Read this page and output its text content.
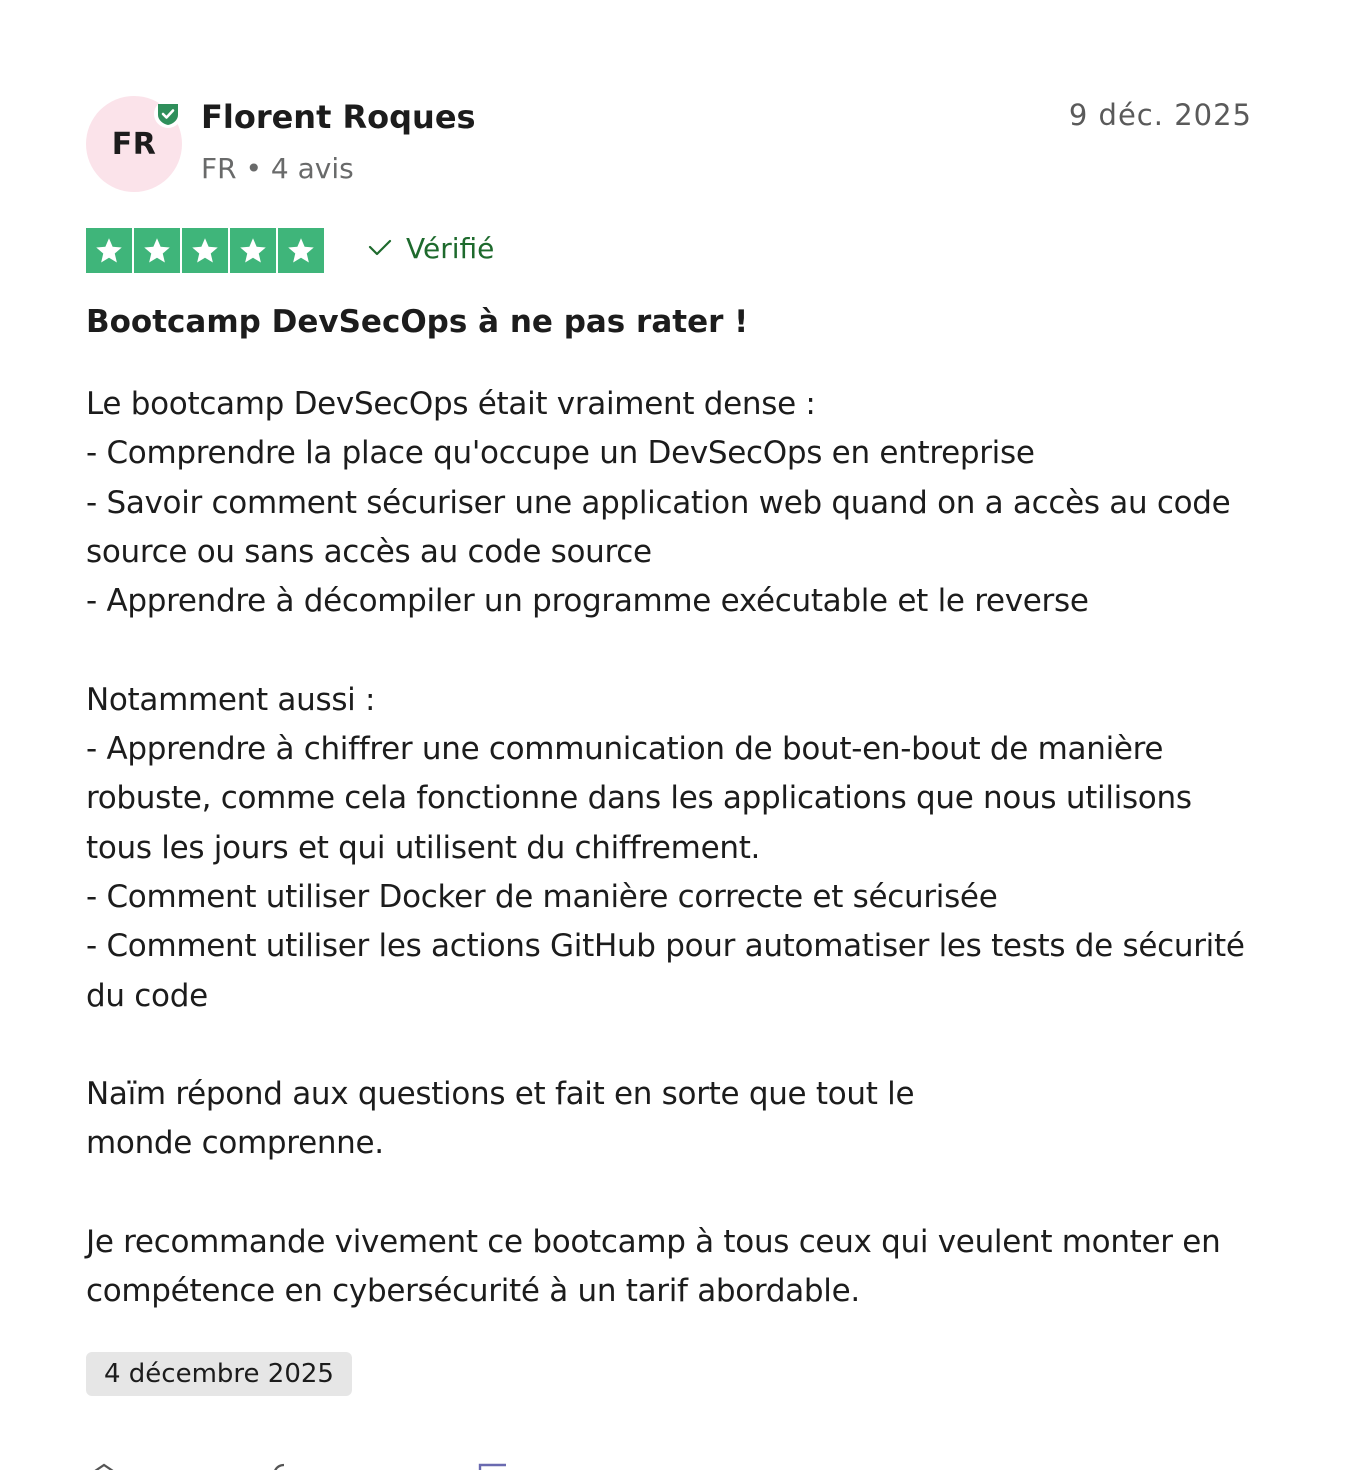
FR
Florent Roques
FR • 4 avis
9 déc. 2025
Vérifié
Bootcamp DevSecOps à ne pas rater !
Le bootcamp DevSecOps était vraiment dense :
- Comprendre la place qu'occupe un DevSecOps en entreprise
- Savoir comment sécuriser une application web quand on a accès au code source ou sans accès au code source
- Apprendre à décompiler un programme exécutable et le reverse

Notamment aussi :
- Apprendre à chiffrer une communication de bout-en-bout de manière robuste, comme cela fonctionne dans les applications que nous utilisons tous les jours et qui utilisent du chiffrement.
- Comment utiliser Docker de manière correcte et sécurisée
- Comment utiliser les actions GitHub pour automatiser les tests de sécurité du code

Naïm répond aux questions et fait en sorte que tout le
monde comprenne.

Je recommande vivement ce bootcamp à tous ceux qui veulent monter en compétence en cybersécurité à un tarif abordable.
4 décembre 2025
